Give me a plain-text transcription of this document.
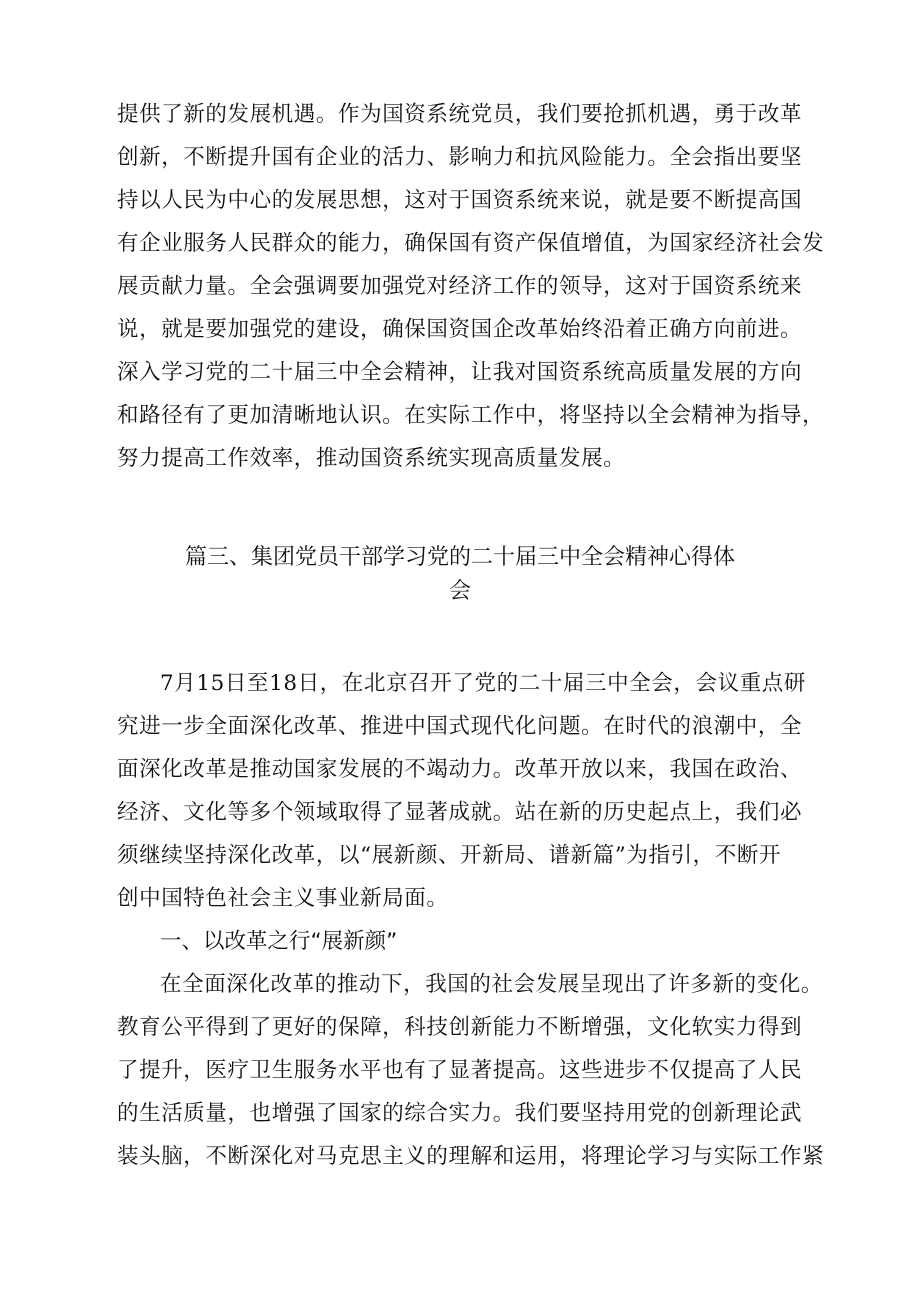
提供了新的发展机遇。作为国资系统党员，我们要抢抓机遇，勇于改革
创新，不断提升国有企业的活力、影响力和抗风险能力。全会指出要坚
持以人民为中心的发展思想，这对于国资系统来说，就是要不断提高国
有企业服务人民群众的能力，确保国有资产保值增值，为国家经济社会发
展贡献力量。全会强调要加强党对经济工作的领导，这对于国资系统来
说，就是要加强党的建设，确保国资国企改革始终沿着正确方向前进。
深入学习党的二十届三中全会精神，让我对国资系统高质量发展的方向
和路径有了更加清晰地认识。在实际工作中，将坚持以全会精神为指导，
努力提高工作效率，推动国资系统实现高质量发展。
篇三、集团党员干部学习党的二十届三中全会精神心得体
会
7月15日至18日，在北京召开了党的二十届三中全会，会议重点研
究进一步全面深化改革、推进中国式现代化问题。在时代的浪潮中，全
面深化改革是推动国家发展的不竭动力。改革开放以来，我国在政治、
经济、文化等多个领域取得了显著成就。站在新的历史起点上，我们必
须继续坚持深化改革，以“展新颜、开新局、谱新篇”为指引，不断开
创中国特色社会主义事业新局面。
一、以改革之行“展新颜”
在全面深化改革的推动下，我国的社会发展呈现出了许多新的变化。
教育公平得到了更好的保障，科技创新能力不断增强，文化软实力得到
了提升，医疗卫生服务水平也有了显著提高。这些进步不仅提高了人民
的生活质量，也增强了国家的综合实力。我们要坚持用党的创新理论武
装头脑，不断深化对马克思主义的理解和运用，将理论学习与实际工作紧
